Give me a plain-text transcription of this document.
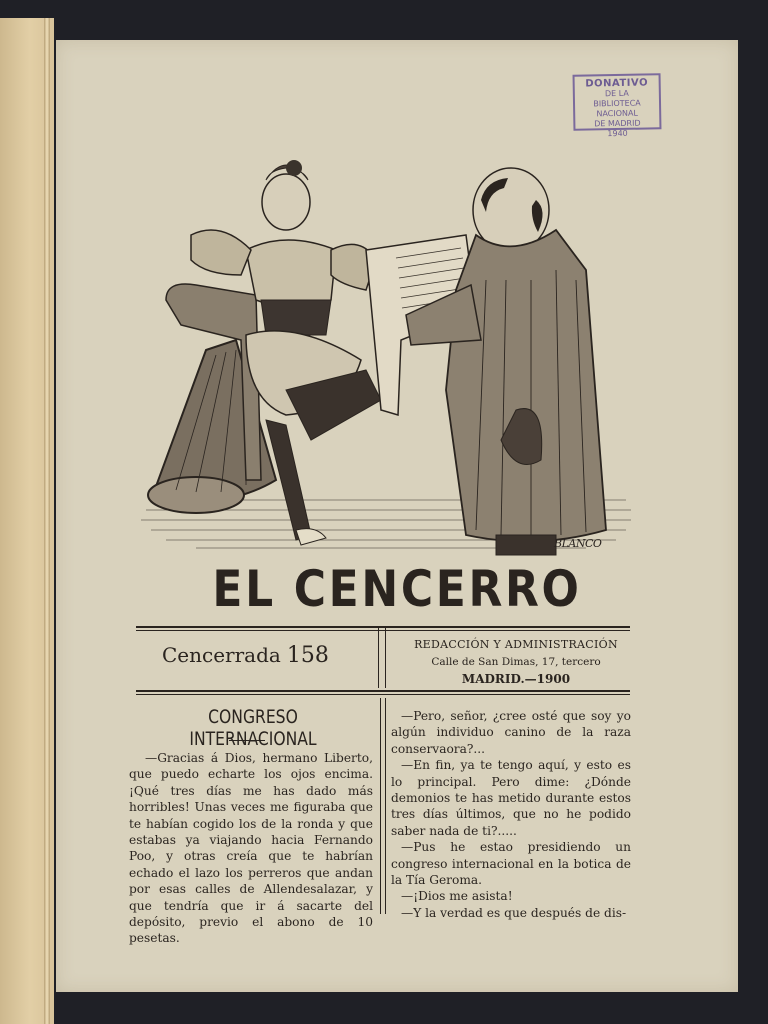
DONATIVO
DE LA
BIBLIOTECA NACIONAL
DE MADRID
1940
BLANCO
EL CENCERRO
Cencerrada 158	REDACCIÓN Y ADMINISTRACIÓN
Calle de San Dimas, 17, tercero
MADRID.—1900
CONGRESO INTERNACIONAL
—Gracias á Dios, hermano Liberto, que puedo echarte los ojos encima. ¡Qué tres días me has dado más horribles! Unas veces me figuraba que te habían cogido los de la ronda y que estabas ya viajando hacia Fernando Poo, y otras creía que te habrían echado el lazo los perreros que andan por esas calles de Allendesalazar, y que tendría que ir á sacarte del depósito, previo el abono de 10 pesetas.

—Pero, señor, ¿cree osté que soy yo algún individuo canino de la raza conservaora?...

—En fin, ya te tengo aquí, y esto es lo principal. Pero dime: ¿Dónde demonios te has metido durante estos tres días últimos, que no he podido saber nada de ti?.....

—Pus he estao presidiendo un congreso internacional en la botica de la Tía Geroma.

—¡Dios me asista!

—Y la verdad es que después de dis-
